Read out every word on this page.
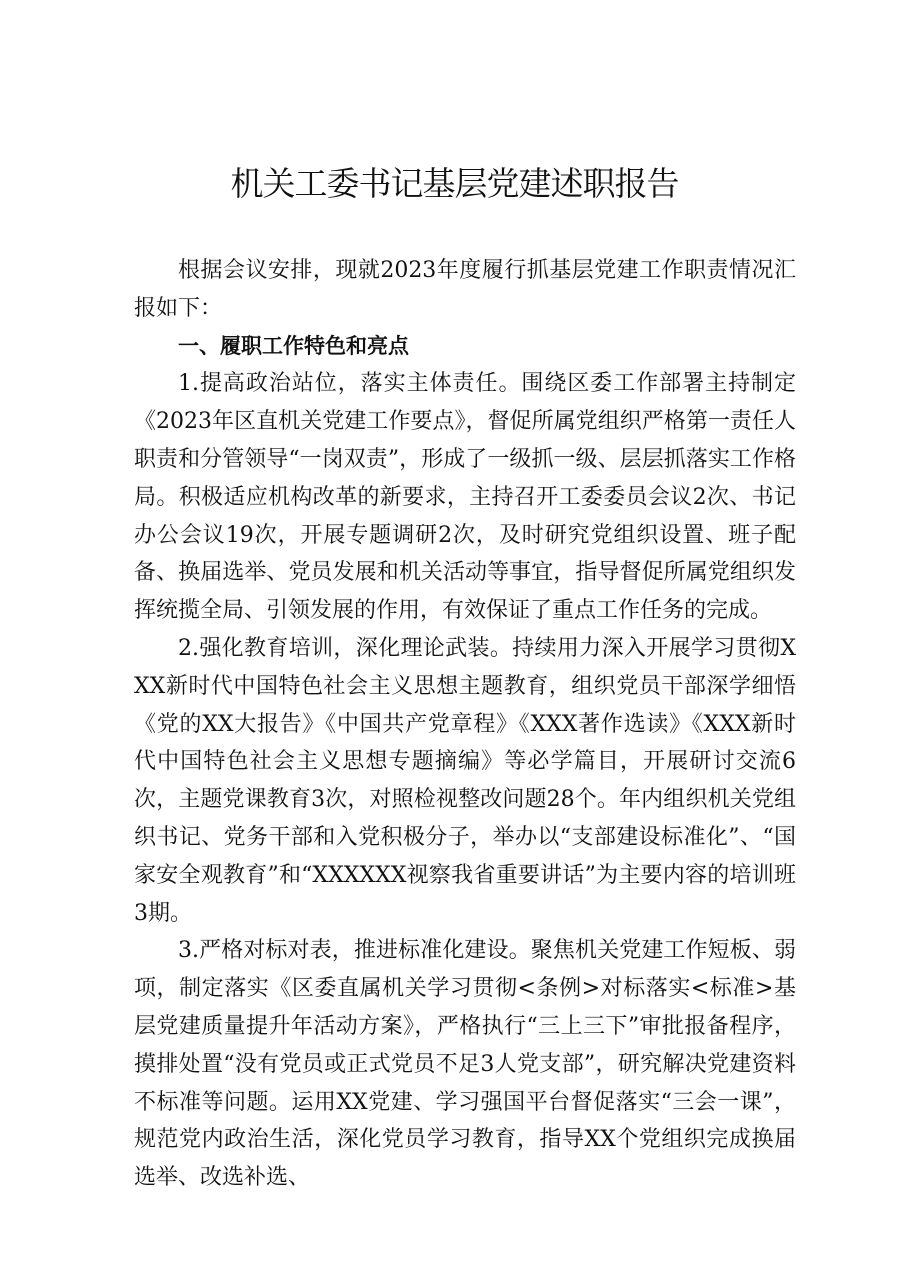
机关工委书记基层党建述职报告

根据会议安排，现就2023年度履行抓基层党建工作职责情况汇报如下：

一、履职工作特色和亮点

1.提高政治站位，落实主体责任。围绕区委工作部署主持制定《2023年区直机关党建工作要点》，督促所属党组织严格第一责任人职责和分管领导“一岗双责”，形成了一级抓一级、层层抓落实工作格局。积极适应机构改革的新要求，主持召开工委委员会议2次、书记办公会议19次，开展专题调研2次，及时研究党组织设置、班子配备、换届选举、党员发展和机关活动等事宜，指导督促所属党组织发挥统揽全局、引领发展的作用，有效保证了重点工作任务的完成。

2.强化教育培训，深化理论武装。持续用力深入开展学习贯彻XXX新时代中国特色社会主义思想主题教育，组织党员干部深学细悟《党的XX大报告》《中国共产党章程》《XXX著作选读》《XXX新时代中国特色社会主义思想专题摘编》等必学篇目，开展研讨交流6次，主题党课教育3次，对照检视整改问题28个。年内组织机关党组织书记、党务干部和入党积极分子，举办以“支部建设标准化”、“国家安全观教育”和“XXXXXX视察我省重要讲话”为主要内容的培训班3期。

3.严格对标对表，推进标准化建设。聚焦机关党建工作短板、弱项，制定落实《区委直属机关学习贯彻<条例>对标落实<标准>基层党建质量提升年活动方案》，严格执行“三上三下”审批报备程序，摸排处置“没有党员或正式党员不足3人党支部”，研究解决党建资料不标准等问题。运用XX党建、学习强国平台督促落实“三会一课”，规范党内政治生活，深化党员学习教育，指导XX个党组织完成换届选举、改选补选、
